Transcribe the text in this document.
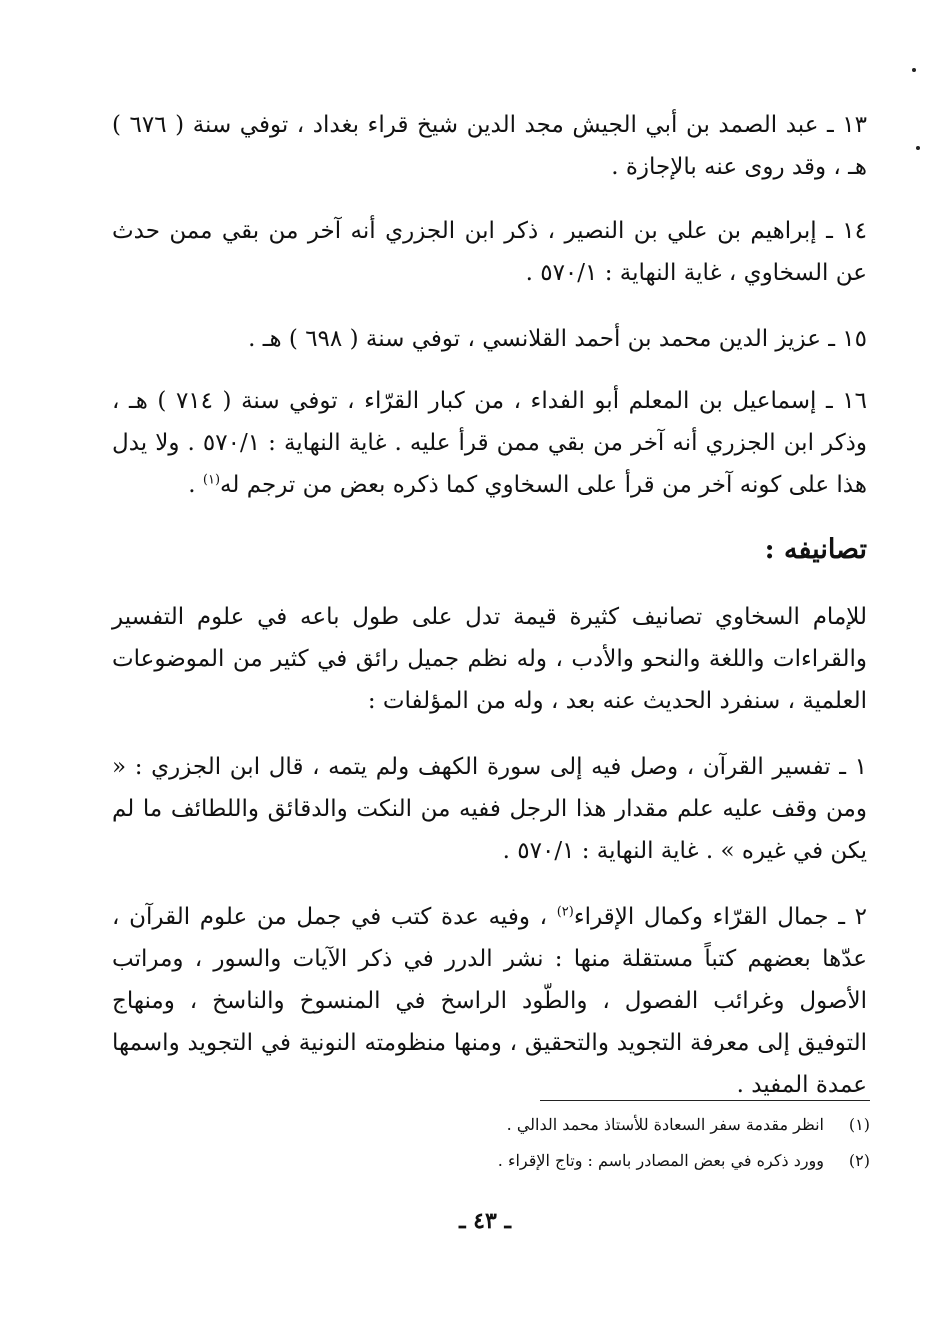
١٣ ـ عبد الصمد بن أبي الجيش مجد الدين شيخ قراء بغداد ، توفي سنة ( ٦٧٦ ) هـ ، وقد روى عنه بالإجازة .

١٤ ـ إبراهيم بن علي بن النصير ، ذكر ابن الجزري أنه آخر من بقي ممن حدث عن السخاوي ، غاية النهاية : ٥٧٠/١ .

١٥ ـ عزيز الدين محمد بن أحمد القلانسي ، توفي سنة ( ٦٩٨ ) هـ .

١٦ ـ إسماعيل بن المعلم أبو الفداء ، من كبار القرّاء ، توفي سنة ( ٧١٤ ) هـ ، وذكر ابن الجزري أنه آخر من بقي ممن قرأ عليه . غاية النهاية : ٥٧٠/١ . ولا يدل هذا على كونه آخر من قرأ على السخاوي كما ذكره بعض من ترجم له$^{(١)}$ .

تصانيفه :

للإمام السخاوي تصانيف كثيرة قيمة تدل على طول باعه في علوم التفسير والقراءات واللغة والنحو والأدب ، وله نظم جميل رائق في كثير من الموضوعات العلمية ، سنفرد الحديث عنه بعد ، وله من المؤلفات :

١ ـ تفسير القرآن ، وصل فيه إلى سورة الكهف ولم يتمه ، قال ابن الجزري : « ومن وقف عليه علم مقدار هذا الرجل ففيه من النكت والدقائق واللطائف ما لم يكن في غيره » . غاية النهاية : ٥٧٠/١ .

٢ ـ جمال القرّاء وكمال الإقراء$^{(٢)}$ ، وفيه عدة كتب في جمل من علوم القرآن ، عدّها بعضهم كتباً مستقلة منها : نشر الدرر في ذكر الآيات والسور ، ومراتب الأصول وغرائب الفصول ، والطّود الراسخ في المنسوخ والناسخ ، ومنهاج التوفيق إلى معرفة التجويد والتحقيق ، ومنها منظومته النونية في التجويد واسمها عمدة المفيد .

(١)انظر مقدمة سفر السعادة للأستاذ محمد الدالي .
(٢)وورد ذكره في بعض المصادر باسم : وتاج الإقراء .
ـ ٤٣ ـ
